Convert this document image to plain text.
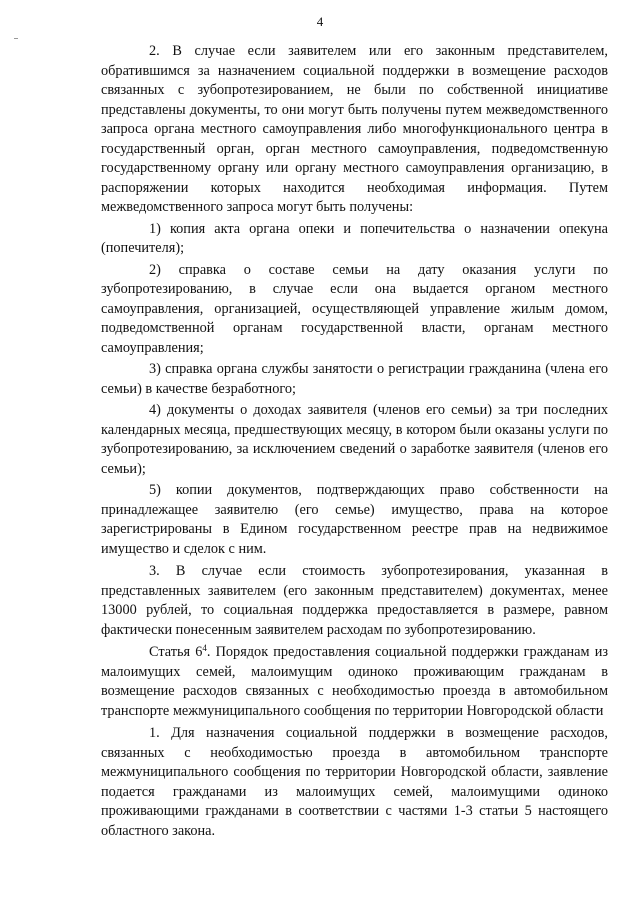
4

2. В случае если заявителем или его законным представителем, обратившимся за назначением социальной поддержки в возмещение расходов связанных с зубопротезированием, не были по собственной инициативе представлены документы, то они могут быть получены путем межведомственного запроса органа местного самоуправления либо многофункционального центра в государственный орган, орган местного самоуправления, подведомственную государственному органу или органу местного самоуправления организацию, в распоряжении которых находится необходимая информация. Путем межведомственного запроса могут быть получены:

1) копия акта органа опеки и попечительства о назначении опекуна (попечителя);

2) справка о составе семьи на дату оказания услуги по зубопротезированию, в случае если она выдается органом местного самоуправления, организацией, осуществляющей управление жилым домом, подведомственной органам государственной власти, органам местного самоуправления;

3) справка органа службы занятости о регистрации гражданина (члена его семьи) в качестве безработного;

4) документы о доходах заявителя (членов его семьи) за три последних календарных месяца, предшествующих месяцу, в котором были оказаны услуги по зубопротезированию, за исключением сведений о заработке заявителя (членов его семьи);

5) копии документов, подтверждающих право собственности на принадлежащее заявителю (его семье) имущество, права на которое зарегистрированы в Едином государственном реестре прав на недвижимое имущество и сделок с ним.

3. В случае если стоимость зубопротезирования, указанная в представленных заявителем (его законным представителем) документах, менее 13000 рублей, то социальная поддержка предоставляется в размере, равном фактически понесенным заявителем расходам по зубопротезированию.

Статья $6^4$. Порядок предоставления социальной поддержки гражданам из малоимущих семей, малоимущим одиноко проживающим гражданам в возмещение расходов связанных с необходимостью проезда в автомобильном транспорте межмуниципального сообщения по территории Новгородской области

1. Для назначения социальной поддержки в возмещение расходов, связанных с необходимостью проезда в автомобильном транспорте межмуниципального сообщения по территории Новгородской области, заявление подается гражданами из малоимущих семей, малоимущими одиноко проживающими гражданами в соответствии с частями 1-3 статьи 5 настоящего областного закона.
